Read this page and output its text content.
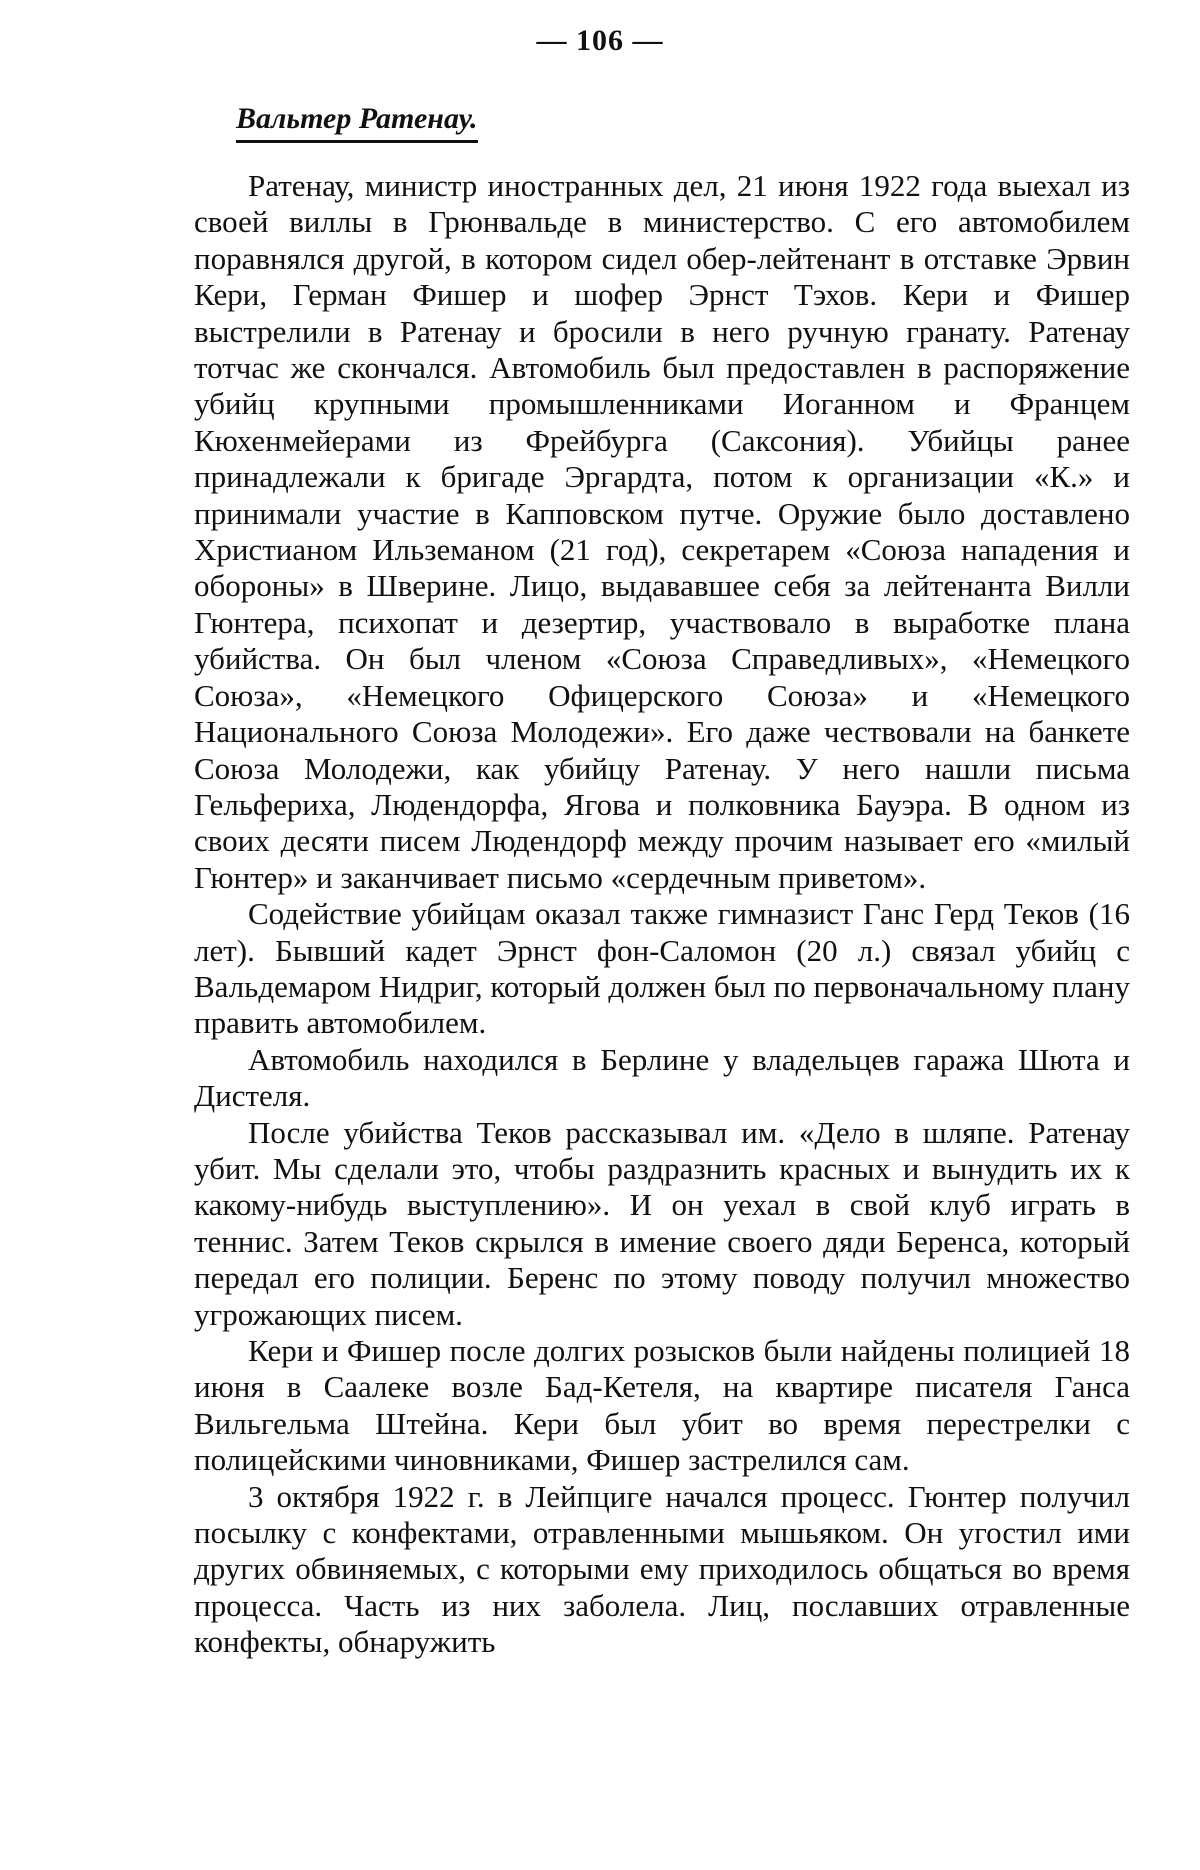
— 106 —
Вальтер Ратенау.

Ратенау, министр иностранных дел, 21 июня 1922 года выехал из своей виллы в Грюнвальде в министерство. С его автомобилем поравнялся другой, в котором сидел обер-лейтенант в отставке Эрвин Кери, Герман Фишер и шофер Эрнст Тэхов. Кери и Фишер выстрелили в Ратенау и бросили в него ручную гранату. Ратенау тотчас же скончался. Автомобиль был предоставлен в распоряжение убийц крупными промышленниками Иоганном и Францем Кюхенмейерами из Фрейбурга (Саксония). Убийцы ранее принадлежали к бригаде Эргардта, потом к организации «К.» и принимали участие в Капповском путче. Оружие было доставлено Христианом Ильземаном (21 год), секретарем «Союза нападения и обороны» в Шверине. Лицо, выдававшее себя за лейтенанта Вилли Гюнтера, психопат и дезертир, участвовало в выработке плана убийства. Он был членом «Союза Справедливых», «Немецкого Союза», «Немецкого Офицерского Союза» и «Немецкого Национального Союза Молодежи». Его даже чествовали на банкете Союза Молодежи, как убийцу Ратенау. У него нашли письма Гельфериха, Людендорфа, Ягова и полковника Бауэра. В одном из своих десяти писем Людендорф между прочим называет его «милый Гюнтер» и заканчивает письмо «сердечным приветом».

Содействие убийцам оказал также гимназист Ганс Герд Теков (16 лет). Бывший кадет Эрнст фон-Саломон (20 л.) связал убийц с Вальдемаром Нидриг, который должен был по первоначальному плану править автомобилем.

Автомобиль находился в Берлине у владельцев гаража Шюта и Дистеля.

После убийства Теков рассказывал им. «Дело в шляпе. Ратенау убит. Мы сделали это, чтобы раздразнить красных и вынудить их к какому-нибудь выступлению». И он уехал в свой клуб играть в теннис. Затем Теков скрылся в имение своего дяди Беренса, который передал его полиции. Беренс по этому поводу получил множество угрожающих писем.

Кери и Фишер после долгих розысков были найдены полицией 18 июня в Саалеке возле Бад-Кетеля, на квартире писателя Ганса Вильгельма Штейна. Кери был убит во время перестрелки с полицейскими чиновниками, Фишер застрелился сам.

3 октября 1922 г. в Лейпциге начался процесс. Гюнтер получил посылку с конфектами, отравленными мышьяком. Он угостил ими других обвиняемых, с которыми ему приходилось общаться во время процесса. Часть из них заболела. Лиц, пославших отравленные конфекты, обнаружить
